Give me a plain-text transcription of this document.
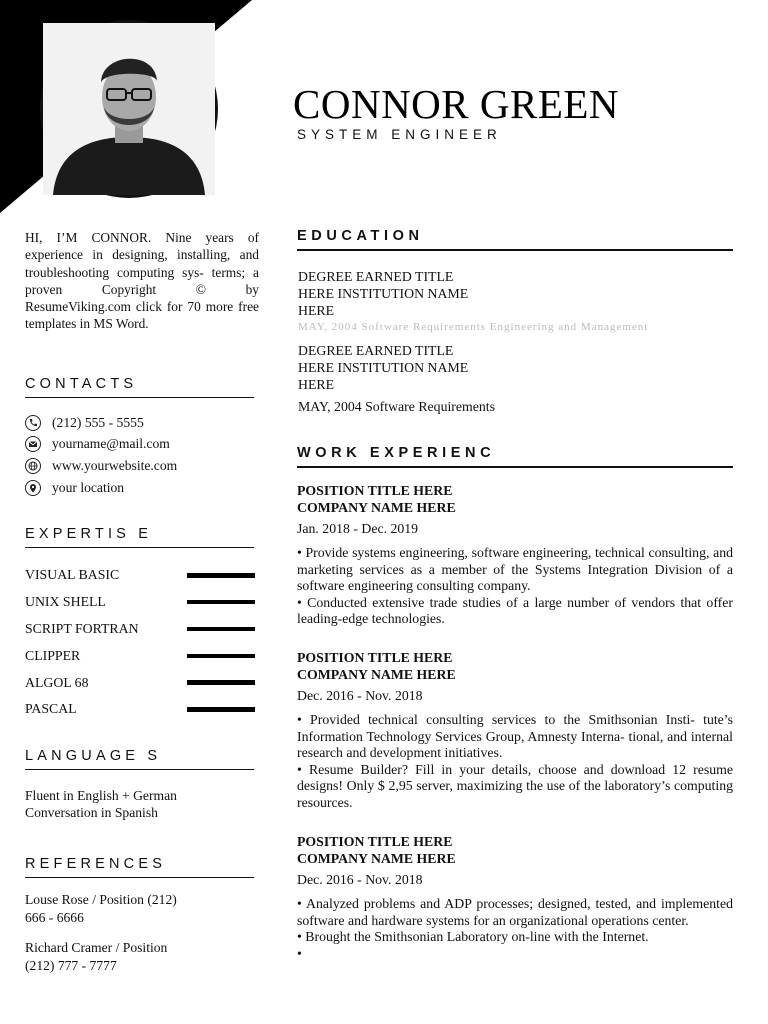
CONNOR GREEN
SYSTEM ENGINEER
HI, I’M CONNOR. Nine years of experience in designing, installing, and troubleshooting computing sys- terms; a proven Copyright © by ResumeViking.com click for 70 more free templates in MS Word.
CONTACTS
(212) 555 - 5555
yourname@mail.com
www.yourwebsite.com
your location
EXPERTIS E
VISUAL BASIC
UNIX SHELL
SCRIPT FORTRAN
CLIPPER
ALGOL 68
PASCAL
LANGUAGE S
Fluent in English + German
Conversation in Spanish
REFERENCES
Louse Rose / Position (212)
666 - 6666
Richard Cramer / Position
(212) 777 - 7777
EDUCATION
DEGREE EARNED TITLE
HERE INSTITUTION NAME
HERE
MAY, 2004 Software Requirements Engineering and Management
DEGREE EARNED TITLE
HERE INSTITUTION NAME
HERE
MAY, 2004 Software Requirements
WORK EXPERIENC
POSITION TITLE HERE
COMPANY NAME HERE
Jan. 2018 - Dec. 2019
• Provide systems engineering, software engineering, technical consulting, and marketing services as a member of the Systems Integration Division of a software engineering consulting company.
• Conducted extensive trade studies of a large number of vendors that offer leading-edge technologies.
POSITION TITLE HERE
COMPANY NAME HERE
Dec. 2016 - Nov. 2018
• Provided technical consulting services to the Smithsonian Insti- tute’s Information Technology Services Group, Amnesty Interna- tional, and internal research and development initiatives.
• Resume Builder? Fill in your details, choose and download 12 resume designs! Only $ 2,95 server, maximizing the use of the laboratory’s computing resources.
POSITION TITLE HERE
COMPANY NAME HERE
Dec. 2016 - Nov. 2018
• Analyzed problems and ADP processes; designed, tested, and implemented software and hardware systems for an organizational operations center.
• Brought the Smithsonian Laboratory on-line with the Internet.
•
